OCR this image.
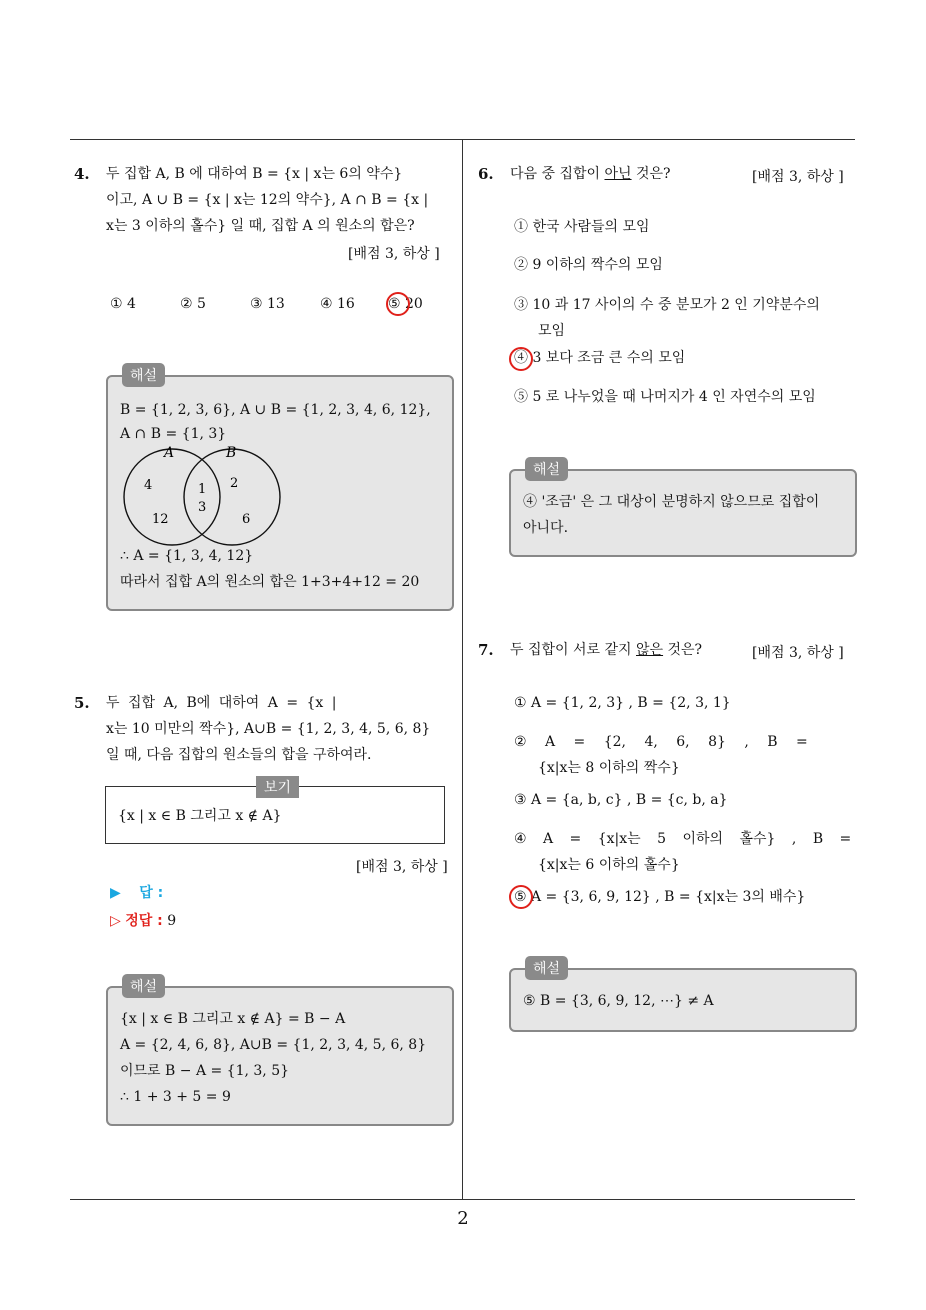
4. 두 집합 A, B 에 대하여 B = {x | x는 6의 약수}
이고, A ∪ B = {x | x는 12의 약수}, A ∩ B = {x |
x는 3 이하의 홀수} 일 때, 집합 A 의 원소의 합은?
[배점 3, 하상 ]
① 4	② 5	③ 13	④ 16 ⑤ 20
해설
B = {1, 2, 3, 6}, A ∪ B = {1, 2, 3, 4, 6, 12},
A ∩ B = {1, 3}
A	B
4
12
1
3
2
6
∴ A = {1, 3, 4, 12}
따라서 집합 A의 원소의 합은 1+3+4+12 = 20
5. 두 집합 A, B에 대하여 A = {x |
x는 10 미만의 짝수}, A∪B = {1, 2, 3, 4, 5, 6, 8}
일 때, 다음 집합의 원소들의 합을 구하여라.
보기
{x | x ∈ B 그리고 x ∉ A}
[배점 3, 하상 ]
▶ 답 :
▷ 정답 : 9
해설
{x | x ∈ B 그리고 x ∉ A} = B − A
A = {2, 4, 6, 8}, A∪B = {1, 2, 3, 4, 5, 6, 8}
이므로 B − A = {1, 3, 5}
∴ 1 + 3 + 5 = 9
6. 다음 중 집합이 아닌 것은?	[배점 3, 하상 ]
① 한국 사람들의 모임
② 9 이하의 짝수의 모임
③ 10 과 17 사이의 수 중 분모가 2 인 기약분수의
모임
④ 3 보다 조금 큰 수의 모임
⑤ 5 로 나누었을 때 나머지가 4 인 자연수의 모임
해설
④ '조금' 은 그 대상이 분명하지 않으므로 집합이
아니다.
7. 두 집합이 서로 같지 않은 것은?	[배점 3, 하상 ]
① A = {1, 2, 3} , B = {2, 3, 1}
② A = {2, 4, 6, 8} , B =
{x|x는 8 이하의 짝수}
③ A = {a, b, c} , B = {c, b, a}
④ A = {x|x는 5 이하의 홀수} , B =
{x|x는 6 이하의 홀수}
⑤ A = {3, 6, 9, 12} , B = {x|x는 3의 배수}
해설
⑤ B = {3, 6, 9, 12, ⋯} ≠ A
2
